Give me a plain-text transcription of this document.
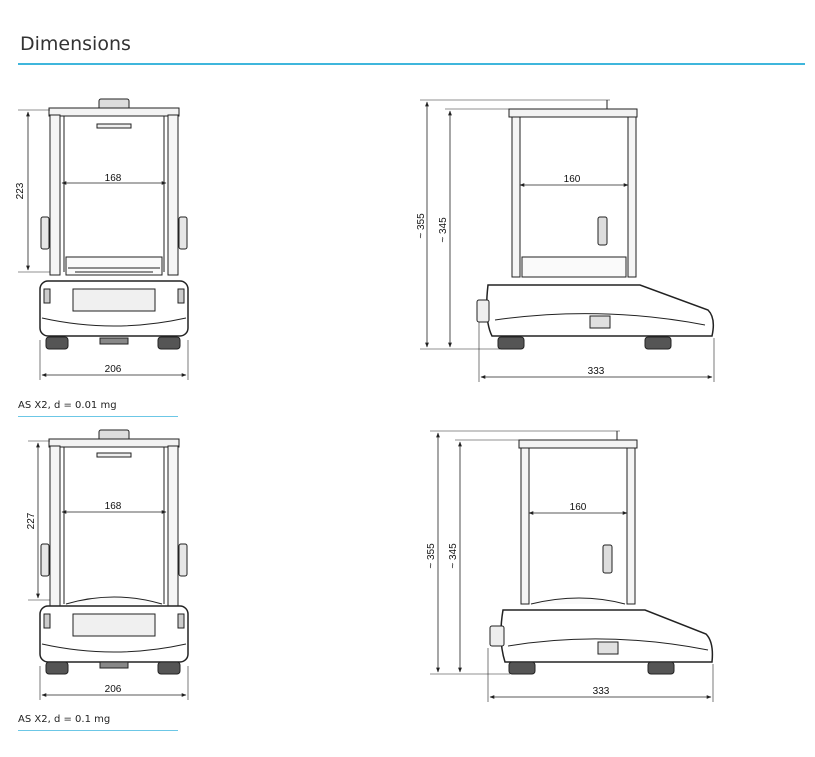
Dimensions
AS X2, d = 0.01 mg
AS X2, d = 0.1 mg
223
168
206
~ 355 ~ 345
160
333
227
168
206
~ 355 ~ 345
160
333
